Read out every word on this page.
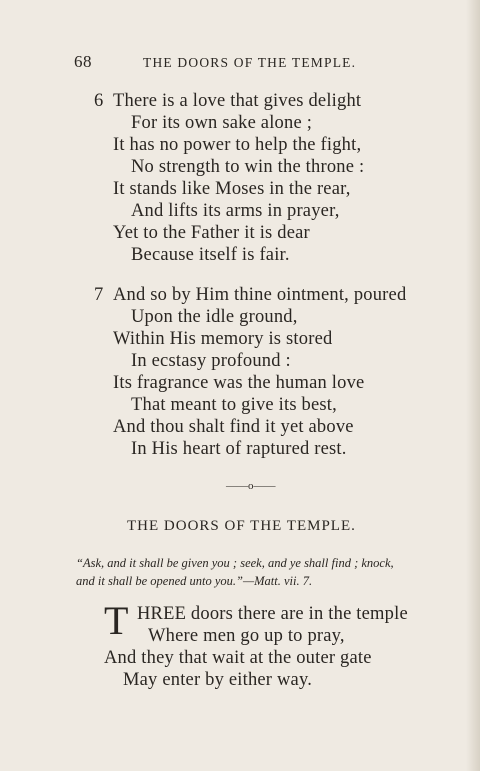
68	THE DOORS OF THE TEMPLE.
6 There is a love that gives delight
For its own sake alone ;
It has no power to help the fight,
No strength to win the throne :
It stands like Moses in the rear,
And lifts its arms in prayer,
Yet to the Father it is dear
Because itself is fair.
7 And so by Him thine ointment, poured
Upon the idle ground,
Within His memory is stored
In ecstasy profound :
Its fragrance was the human love
That meant to give its best,
And thou shalt find it yet above
In His heart of raptured rest.
——o——
THE DOORS OF THE TEMPLE.
“Ask, and it shall be given you ; seek, and ye shall find ; knock,
and it shall be opened unto you.”—Matt. vii. 7.
T HREE doors there are in the temple
Where men go up to pray,
And they that wait at the outer gate
May enter by either way.
